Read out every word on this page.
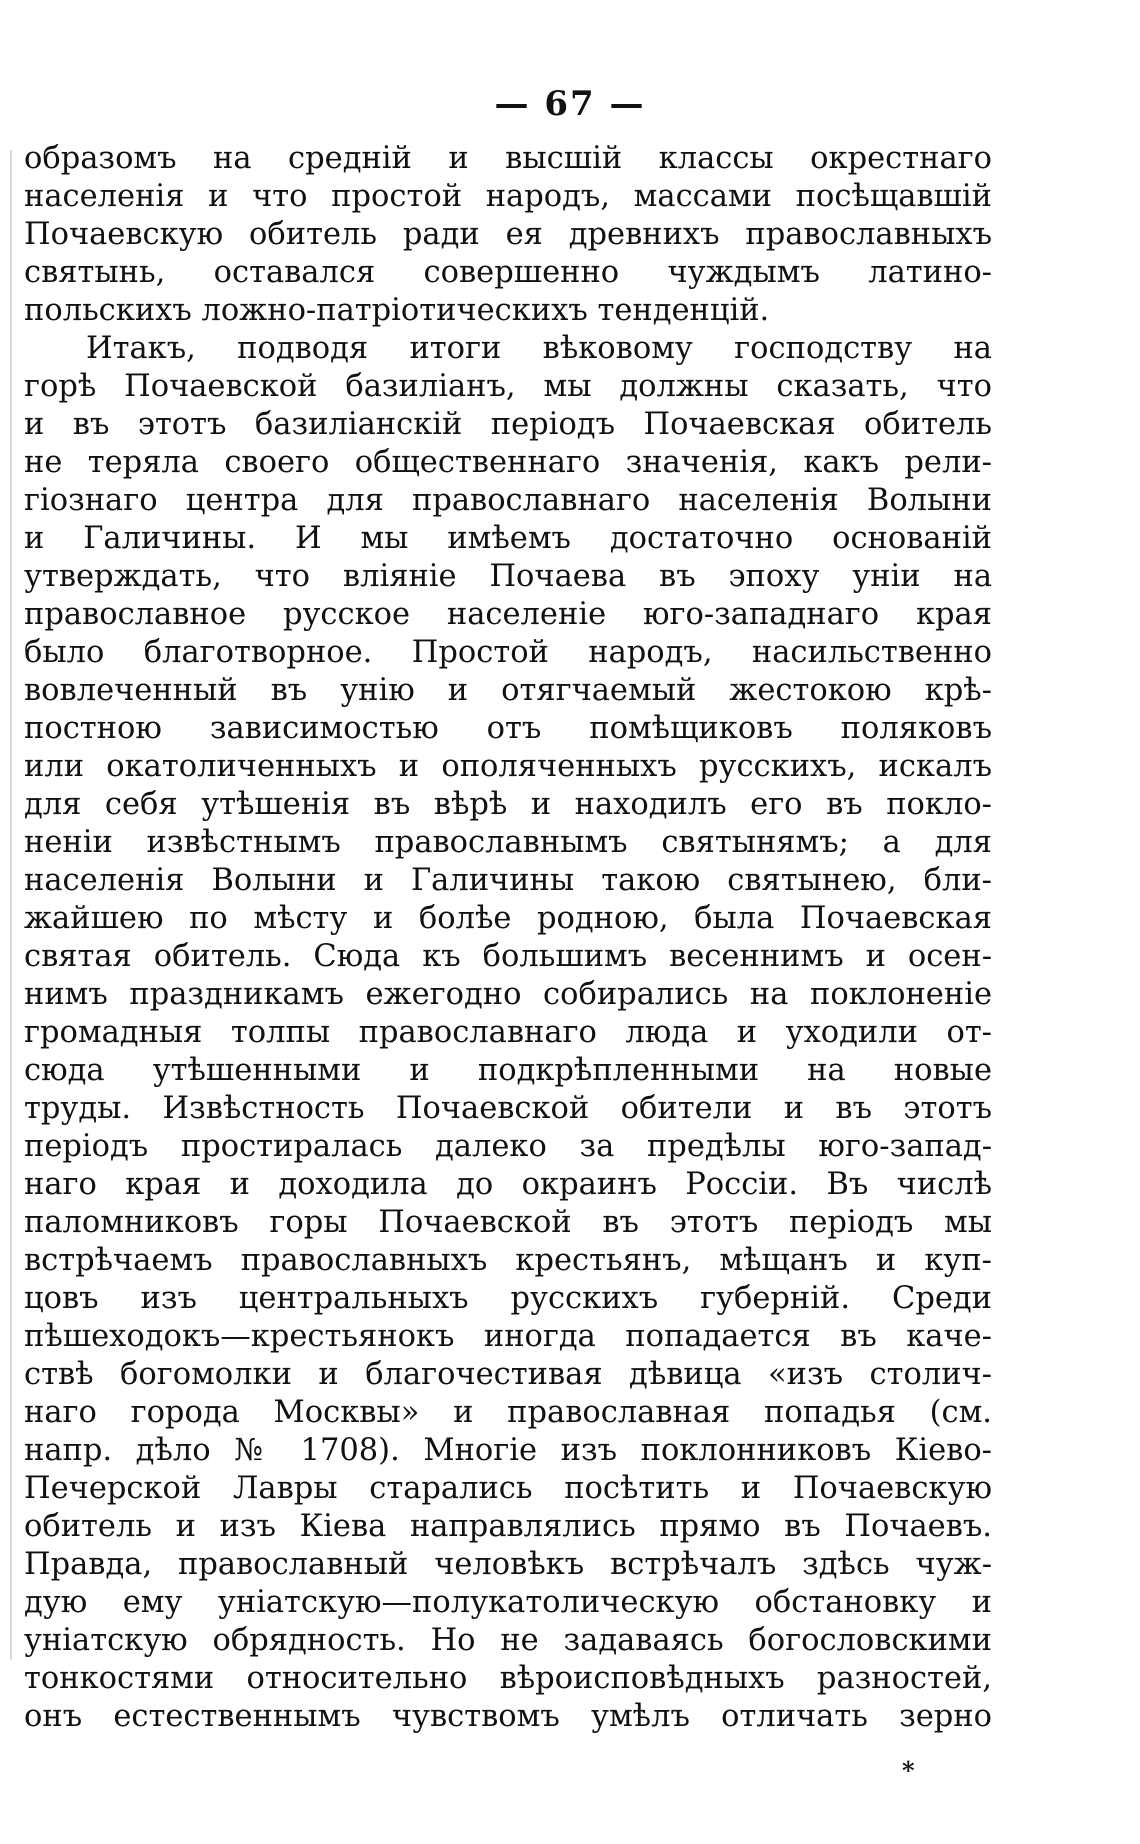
— 67 —
образомъ на средній и высшій классы окрестнаго
населенія и что простой народъ, массами посѣщавшій
Почаевскую обитель ради ея древнихъ православныхъ
святынь, оставался совершенно чуждымъ латино-
польскихъ ложно-патріотическихъ тенденцій.
Итакъ, подводя итоги вѣковому господству на
горѣ Почаевской базиліанъ, мы должны сказать, что
и въ этотъ базиліанскій періодъ Почаевская обитель
не теряла своего общественнаго значенія, какъ рели-
гіознаго центра для православнаго населенія Волыни
и Галичины. И мы имѣемъ достаточно основаній
утверждать, что вліяніе Почаева въ эпоху уніи на
православное русское населеніе юго-западнаго края
было благотворное. Простой народъ, насильственно
вовлеченный въ унію и отягчаемый жестокою крѣ-
постною зависимостью отъ помѣщиковъ поляковъ
или окатоличенныхъ и ополяченныхъ русскихъ, искалъ
для себя утѣшенія въ вѣрѣ и находилъ его въ покло-
неніи извѣстнымъ православнымъ святынямъ; а для
населенія Волыни и Галичины такою святынею, бли-
жайшею по мѣсту и болѣе родною, была Почаевская
святая обитель. Сюда къ большимъ весеннимъ и осен-
нимъ праздникамъ ежегодно собирались на поклоненіе
громадныя толпы православнаго люда и уходили от-
сюда утѣшенными и подкрѣпленными на новые
труды. Извѣстность Почаевской обители и въ этотъ
періодъ простиралась далеко за предѣлы юго-запад-
наго края и доходила до окраинъ Россіи. Въ числѣ
паломниковъ горы Почаевской въ этотъ періодъ мы
встрѣчаемъ православныхъ крестьянъ, мѣщанъ и куп-
цовъ изъ центральныхъ русскихъ губерній. Среди
пѣшеходокъ—крестьянокъ иногда попадается въ каче-
ствѣ богомолки и благочестивая дѣвица «изъ столич-
наго города Москвы» и православная попадья (см.
напр. дѣло № 1708). Многіе изъ поклонниковъ Кіево-
Печерской Лавры старались посѣтить и Почаевскую
обитель и изъ Кіева направлялись прямо въ Почаевъ.
Правда, православный человѣкъ встрѣчалъ здѣсь чуж-
дую ему уніатскую—полукатолическую обстановку и
уніатскую обрядность. Но не задаваясь богословскими
тонкостями относительно вѣроисповѣдныхъ разностей,
онъ естественнымъ чувствомъ умѣлъ отличать зерно
*
